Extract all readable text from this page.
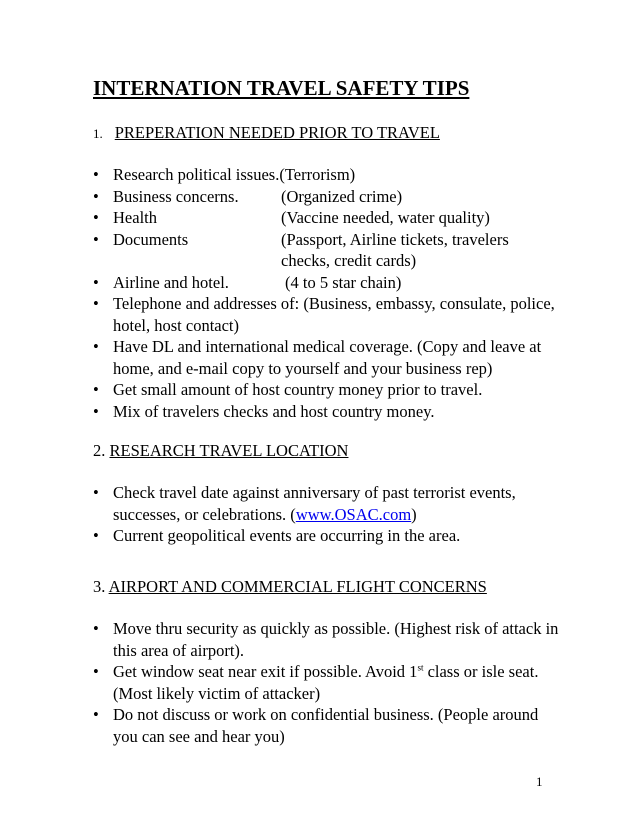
INTERNATION TRAVEL SAFETY TIPS
1. PREPERATION NEEDED PRIOR TO TRAVEL
• Research political issues.(Terrorism)
• Business concerns.	(Organized crime)
• Health	(Vaccine needed, water quality)
• Documents	(Passport, Airline tickets, travelers checks, credit cards)
• Airline and hotel.	(4 to 5 star chain)
• Telephone and addresses of: (Business, embassy, consulate, police, hotel, host contact)
• Have DL and international medical coverage. (Copy and leave at home, and e-mail copy to yourself and your business rep)
• Get small amount of host country money prior to travel.
• Mix of travelers checks and host country money.
2. RESEARCH TRAVEL LOCATION
• Check travel date against anniversary of past terrorist events, successes, or celebrations. (www.OSAC.com)
• Current geopolitical events are occurring in the area.
3. AIRPORT AND COMMERCIAL FLIGHT CONCERNS
• Move thru security as quickly as possible. (Highest risk of attack in this area of airport).
• Get window seat near exit if possible. Avoid 1st class or isle seat. (Most likely victim of attacker)
• Do not discuss or work on confidential business. (People around you can see and hear you)
1
